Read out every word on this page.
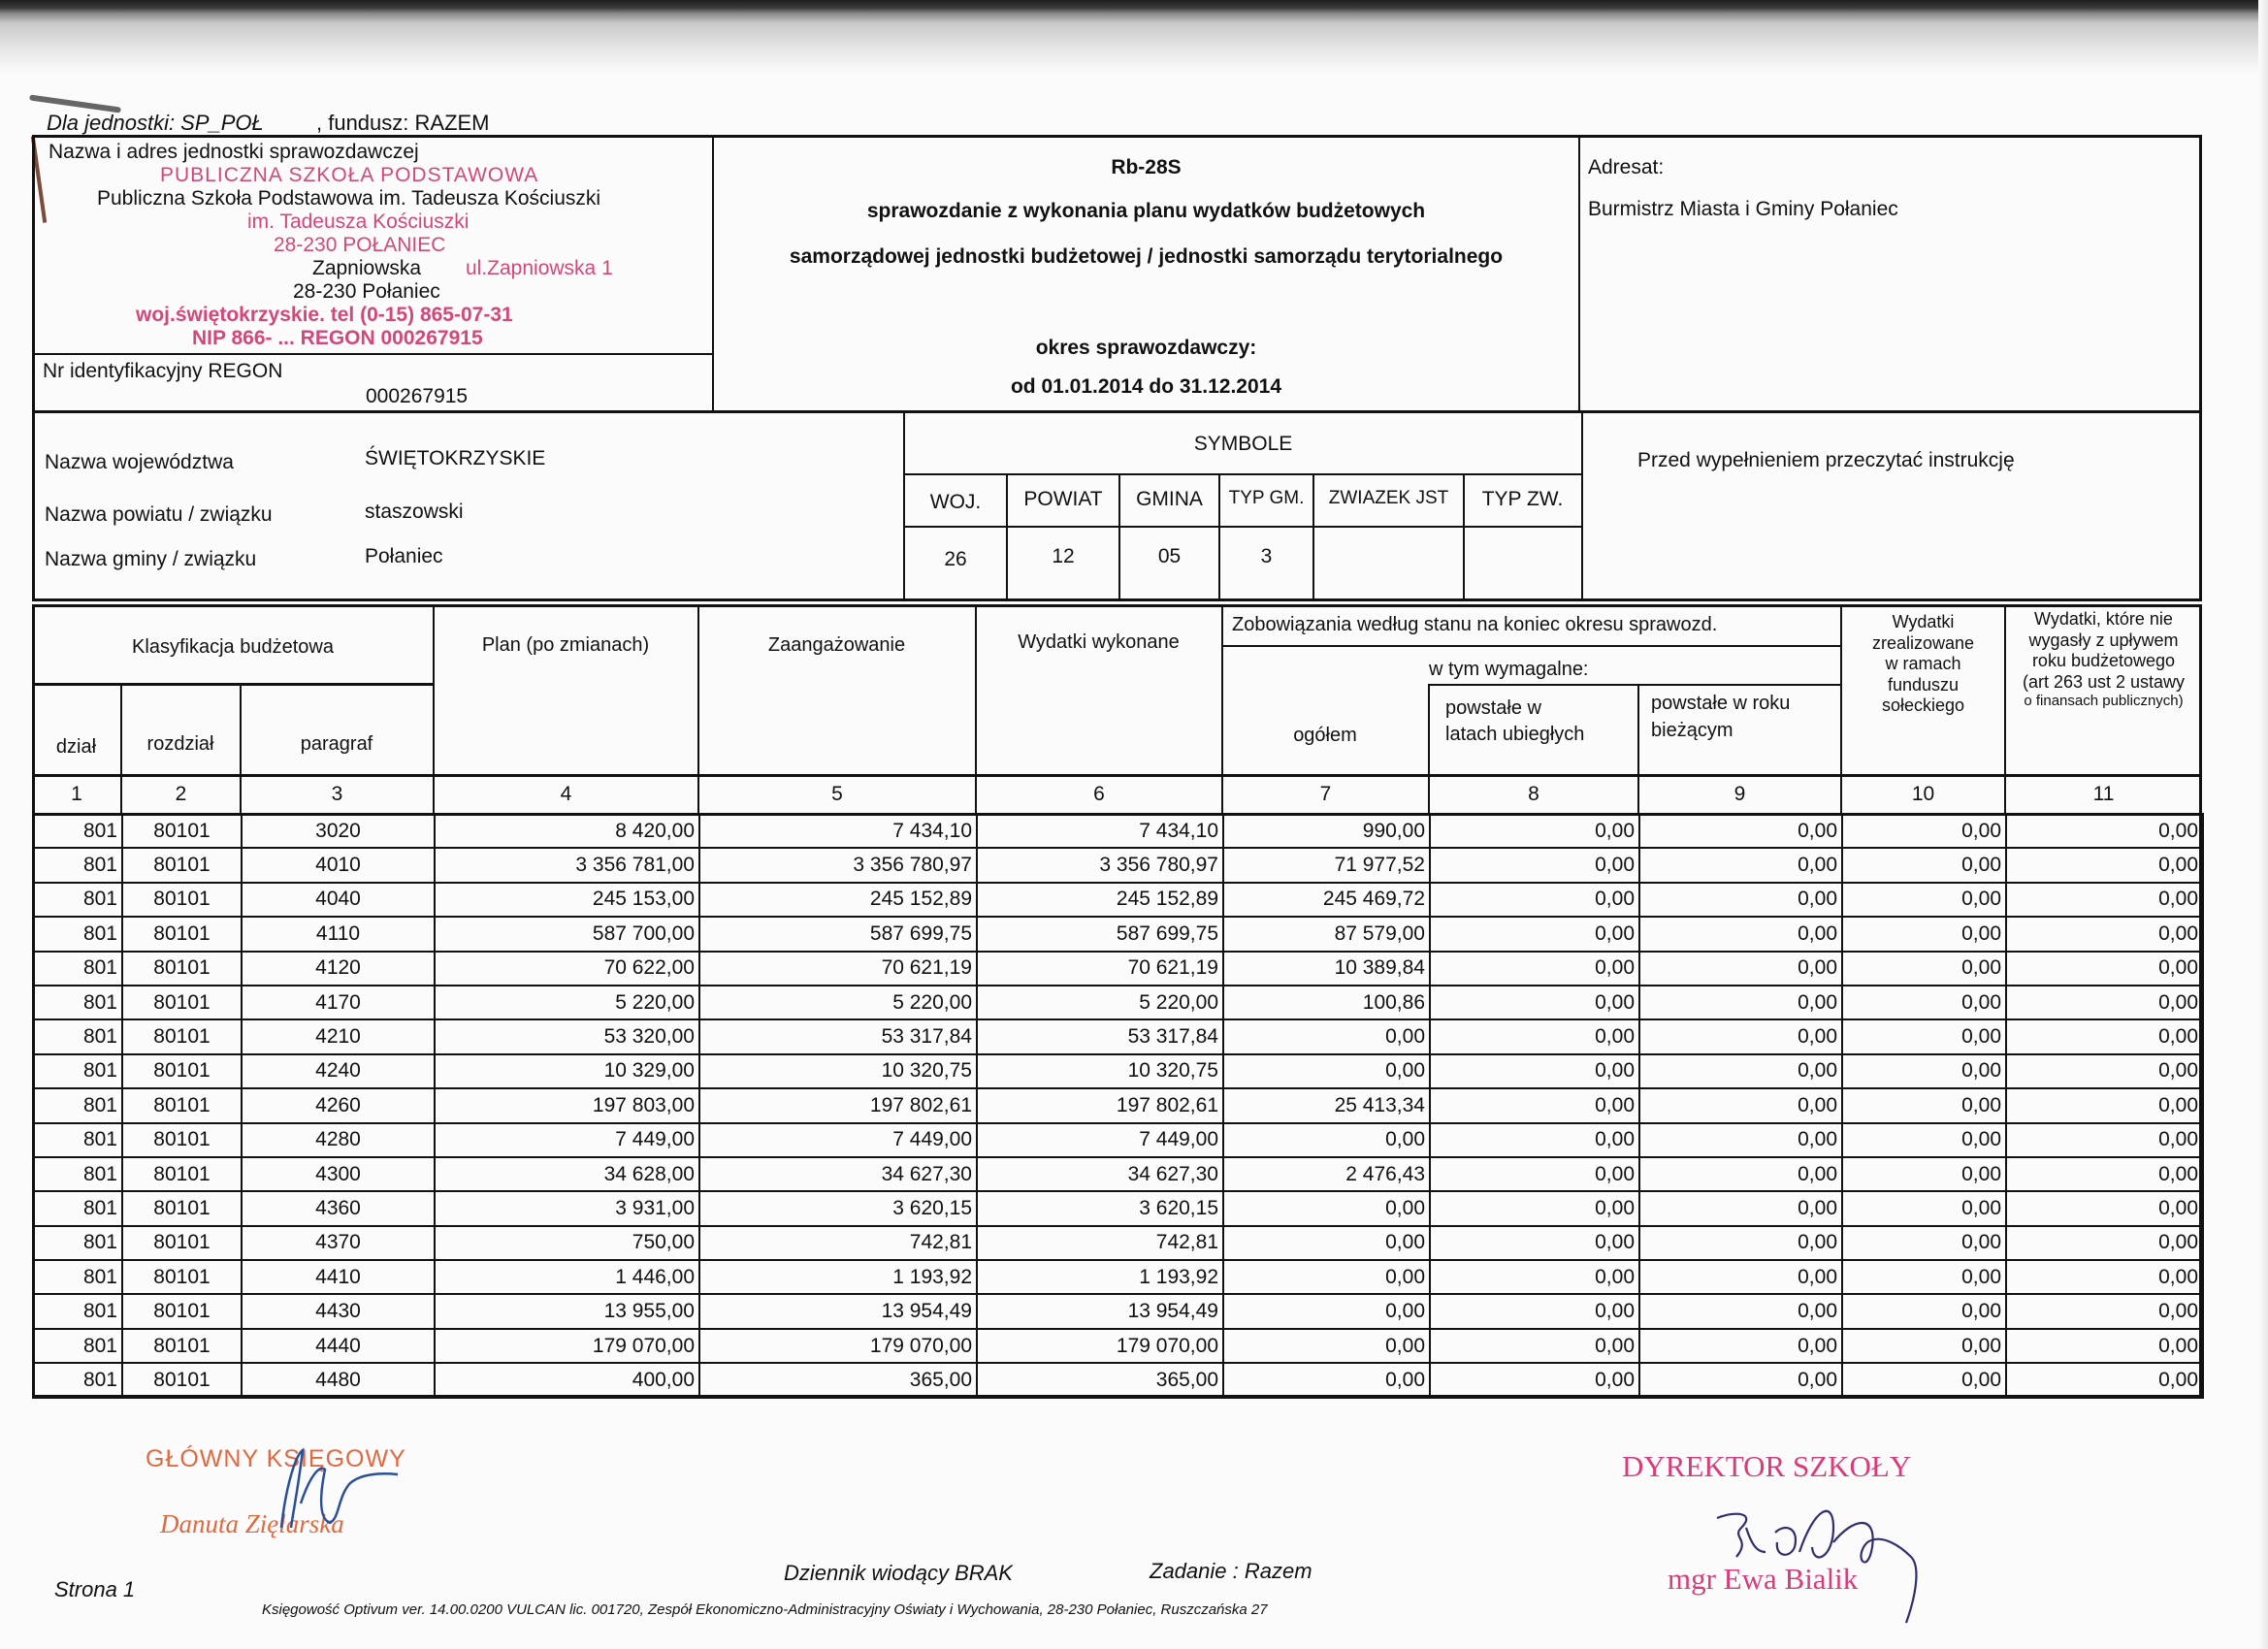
Dla jednostki: SP_POŁ , fundusz: RAZEM
Nazwa i adres jednostki sprawozdawczej
PUBLICZNA SZKOŁA PODSTAWOWA
Publiczna Szkoła Podstawowa im. Tadeusza Kościuszki
im. Tadeusza Kościuszki
28-230 POŁANIEC
Zapniowska ul.Zapniowska 1
28-230 Połaniec
woj.świętokrzyskie. tel (0-15) 865-07-31
NIP 866- ... REGON 000267915
Nr identyfikacyjny REGON
000267915
Rb-28S
sprawozdanie z wykonania planu wydatków budżetowych
samorządowej jednostki budżetowej / jednostki samorządu terytorialnego
okres sprawozdawczy:
od 01.01.2014 do 31.12.2014
Adresat:
Burmistrz Miasta i Gminy Połaniec
Nazwa województwa	ŚWIĘTOKRZYSKIE
Nazwa powiatu / związku	staszowski
Nazwa gminy / związku	Połaniec
SYMBOLE
WOJ.	POWIAT	GMINA	TYP GM.	ZWIAZEK JST	TYP ZW.
26	12	05	3
Przed wypełnieniem przeczytać instrukcję
Klasyfikacja budżetowa
dział	rozdział	paragraf
Plan (po zmianach)	Zaangażowanie	Wydatki wykonane
Zobowiązania według stanu na koniec okresu sprawozd.
w tym wymagalne:
ogółem
powstałe w
latach ubiegłych
powstałe w roku
bieżącym
Wydatki
zrealizowane
w ramach
funduszu
sołeckiego
Wydatki, które nie
wygasły z upływem
roku budżetowego
(art 263 ust 2 ustawy
o finansach publicznych)
1	2	3	4	5	6	7	8	9	10	11
801	80101	3020	8 420,00	7 434,10	7 434,10	990,00	0,00	0,00	0,00	0,00
801	80101	4010	3 356 781,00	3 356 780,97	3 356 780,97	71 977,52	0,00	0,00	0,00	0,00
801	80101	4040	245 153,00	245 152,89	245 152,89	245 469,72	0,00	0,00	0,00	0,00
801	80101	4110	587 700,00	587 699,75	587 699,75	87 579,00	0,00	0,00	0,00	0,00
801	80101	4120	70 622,00	70 621,19	70 621,19	10 389,84	0,00	0,00	0,00	0,00
801	80101	4170	5 220,00	5 220,00	5 220,00	100,86	0,00	0,00	0,00	0,00
801	80101	4210	53 320,00	53 317,84	53 317,84	0,00	0,00	0,00	0,00	0,00
801	80101	4240	10 329,00	10 320,75	10 320,75	0,00	0,00	0,00	0,00	0,00
801	80101	4260	197 803,00	197 802,61	197 802,61	25 413,34	0,00	0,00	0,00	0,00
801	80101	4280	7 449,00	7 449,00	7 449,00	0,00	0,00	0,00	0,00	0,00
801	80101	4300	34 628,00	34 627,30	34 627,30	2 476,43	0,00	0,00	0,00	0,00
801	80101	4360	3 931,00	3 620,15	3 620,15	0,00	0,00	0,00	0,00	0,00
801	80101	4370	750,00	742,81	742,81	0,00	0,00	0,00	0,00	0,00
801	80101	4410	1 446,00	1 193,92	1 193,92	0,00	0,00	0,00	0,00	0,00
801	80101	4430	13 955,00	13 954,49	13 954,49	0,00	0,00	0,00	0,00	0,00
801	80101	4440	179 070,00	179 070,00	179 070,00	0,00	0,00	0,00	0,00	0,00
801	80101	4480	400,00	365,00	365,00	0,00	0,00	0,00	0,00	0,00
GŁÓWNY KSIĘGOWY
Danuta Zięlarska
DYREKTOR SZKOŁY
mgr Ewa Bialik
Strona 1
Dziennik wiodący BRAK	Zadanie : Razem
Księgowość Optivum ver. 14.00.0200 VULCAN lic. 001720, Zespół Ekonomiczno-Administracyjny Oświaty i Wychowania, 28-230 Połaniec, Ruszczańska 27
